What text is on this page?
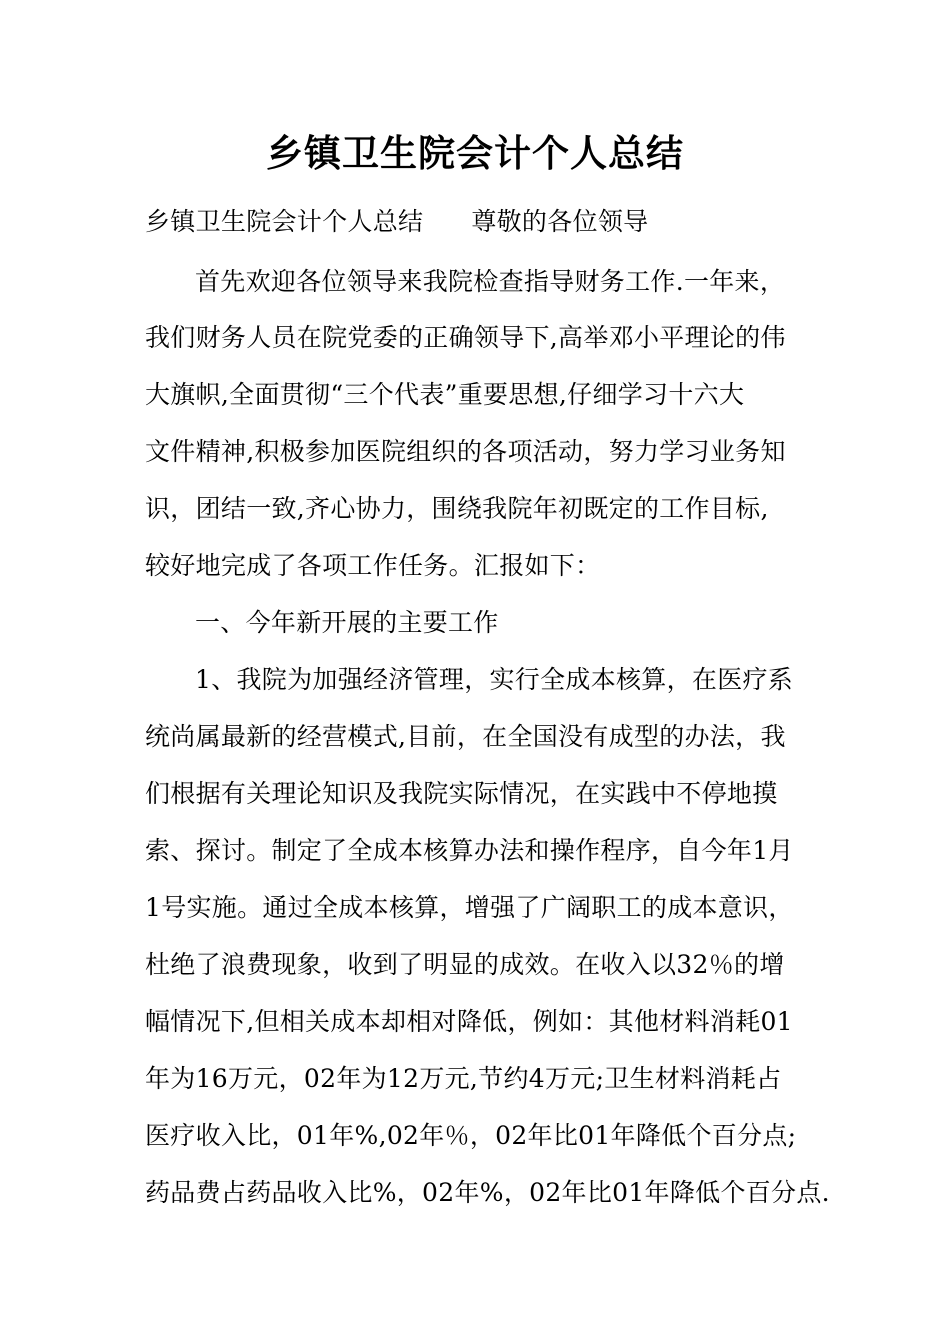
乡镇卫生院会计个人总结
乡镇卫生院会计个人总结 尊敬的各位领导
首先欢迎各位领导来我院检查指导财务工作.一年来，
我们财务人员在院党委的正确领导下,高举邓小平理论的伟
大旗帜,全面贯彻“三个代表”重要思想,仔细学习十六大
文件精神,积极参加医院组织的各项活动，努力学习业务知
识，团结一致,齐心协力，围绕我院年初既定的工作目标,
较好地完成了各项工作任务。汇报如下：
一、今年新开展的主要工作
1、我院为加强经济管理，实行全成本核算，在医疗系
统尚属最新的经营模式,目前，在全国没有成型的办法，我
们根据有关理论知识及我院实际情况，在实践中不停地摸
索、探讨。制定了全成本核算办法和操作程序，自今年1月
1号实施。通过全成本核算，增强了广阔职工的成本意识，
杜绝了浪费现象，收到了明显的成效。在收入以32％的增
幅情况下,但相关成本却相对降低，例如：其他材料消耗01
年为16万元，02年为12万元,节约4万元;卫生材料消耗占
医疗收入比，01年%,02年％，02年比01年降低个百分点;
药品费占药品收入比%，02年%，02年比01年降低个百分点.
